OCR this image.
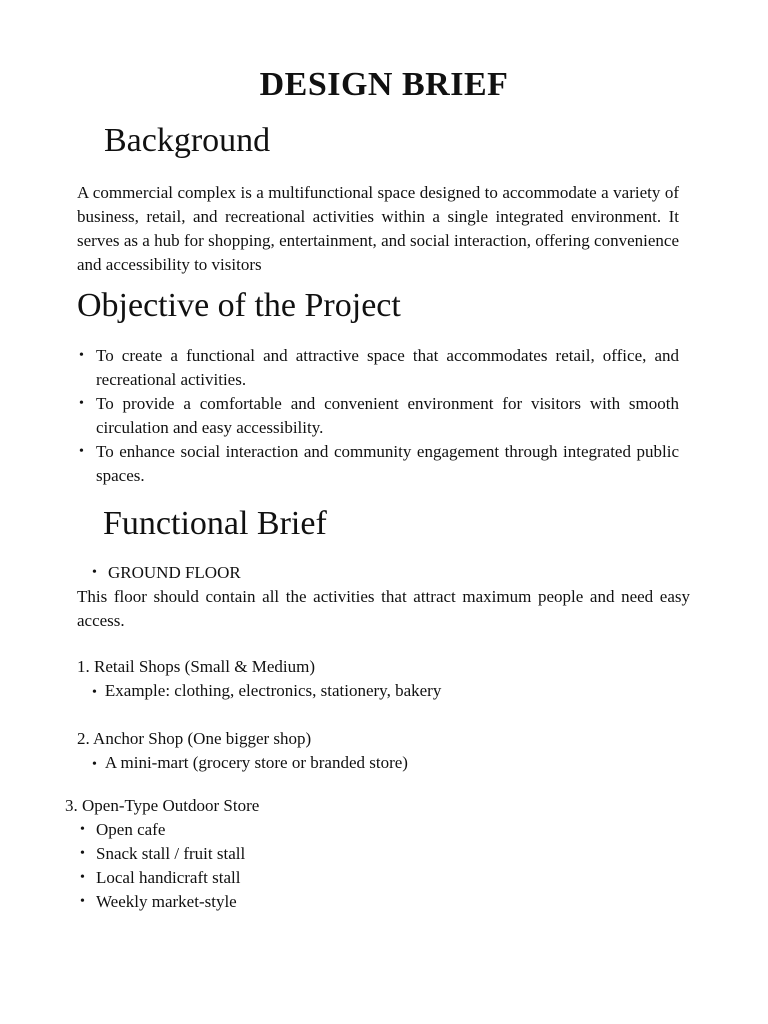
DESIGN BRIEF
Background

A commercial complex is a multifunctional space designed to accommodate a variety of business, retail, and recreational activities within a single integrated environment. It serves as a hub for shopping, entertainment, and social interaction, offering convenience and accessibility to visitors

Objective of the Project
• To create a functional and attractive space that accommodates retail, office, and recreational activities.
• To provide a comfortable and convenient environment for visitors with smooth circulation and easy accessibility.
• To enhance social interaction and community engagement through integrated public spaces.
Functional Brief
• GROUND FLOOR

This floor should contain all the activities that attract maximum people and need easy access.

1. Retail Shops (Small & Medium)
• Example: clothing, electronics, stationery, bakery
2. Anchor Shop (One bigger shop)
• A mini-mart (grocery store or branded store)
3. Open-Type Outdoor Store
• Open cafe
• Snack stall / fruit stall
• Local handicraft stall
• Weekly market-style
